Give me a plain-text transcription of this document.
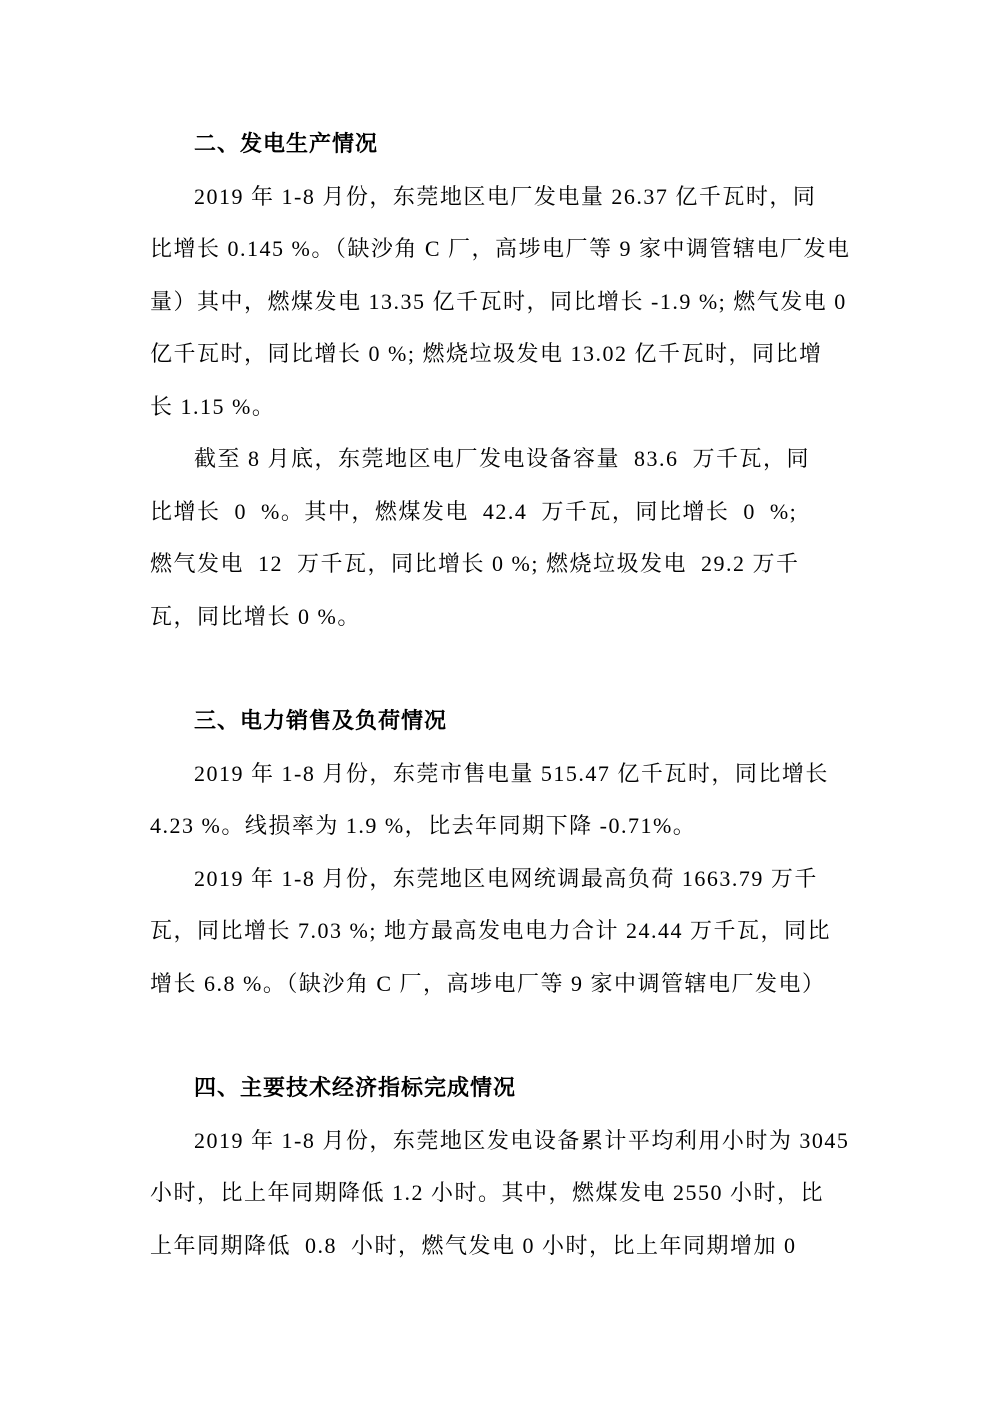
二、发电生产情况
2019 年 1-8 月份，东莞地区电厂发电量 26.37 亿千瓦时，同
比增长 0.145 %。（缺沙角 C 厂，高埗电厂等 9 家中调管辖电厂发电
量）其中，燃煤发电 13.35 亿千瓦时，同比增长 -1.9 %; 燃气发电 0
亿千瓦时，同比增长 0 %; 燃烧垃圾发电 13.02 亿千瓦时，同比增
长 1.15 %。
截至 8 月底，东莞地区电厂发电设备容量  83.6  万千瓦，同
比增长  0  %。其中，燃煤发电  42.4  万千瓦，同比增长  0  %;
燃气发电  12  万千瓦，同比增长 0 %; 燃烧垃圾发电  29.2 万千
瓦，同比增长 0 %。
三、电力销售及负荷情况
2019 年 1-8 月份，东莞市售电量 515.47 亿千瓦时，同比增长
4.23 %。线损率为 1.9 %，比去年同期下降 -0.71%。
2019 年 1-8 月份，东莞地区电网统调最高负荷 1663.79 万千
瓦，同比增长 7.03 %; 地方最高发电电力合计 24.44 万千瓦，同比
增长 6.8 %。（缺沙角 C 厂，高埗电厂等 9 家中调管辖电厂发电）
四、主要技术经济指标完成情况
2019 年 1-8 月份，东莞地区发电设备累计平均利用小时为 3045
小时，比上年同期降低 1.2 小时。其中，燃煤发电 2550 小时，比
上年同期降低  0.8  小时，燃气发电 0 小时，比上年同期增加 0
